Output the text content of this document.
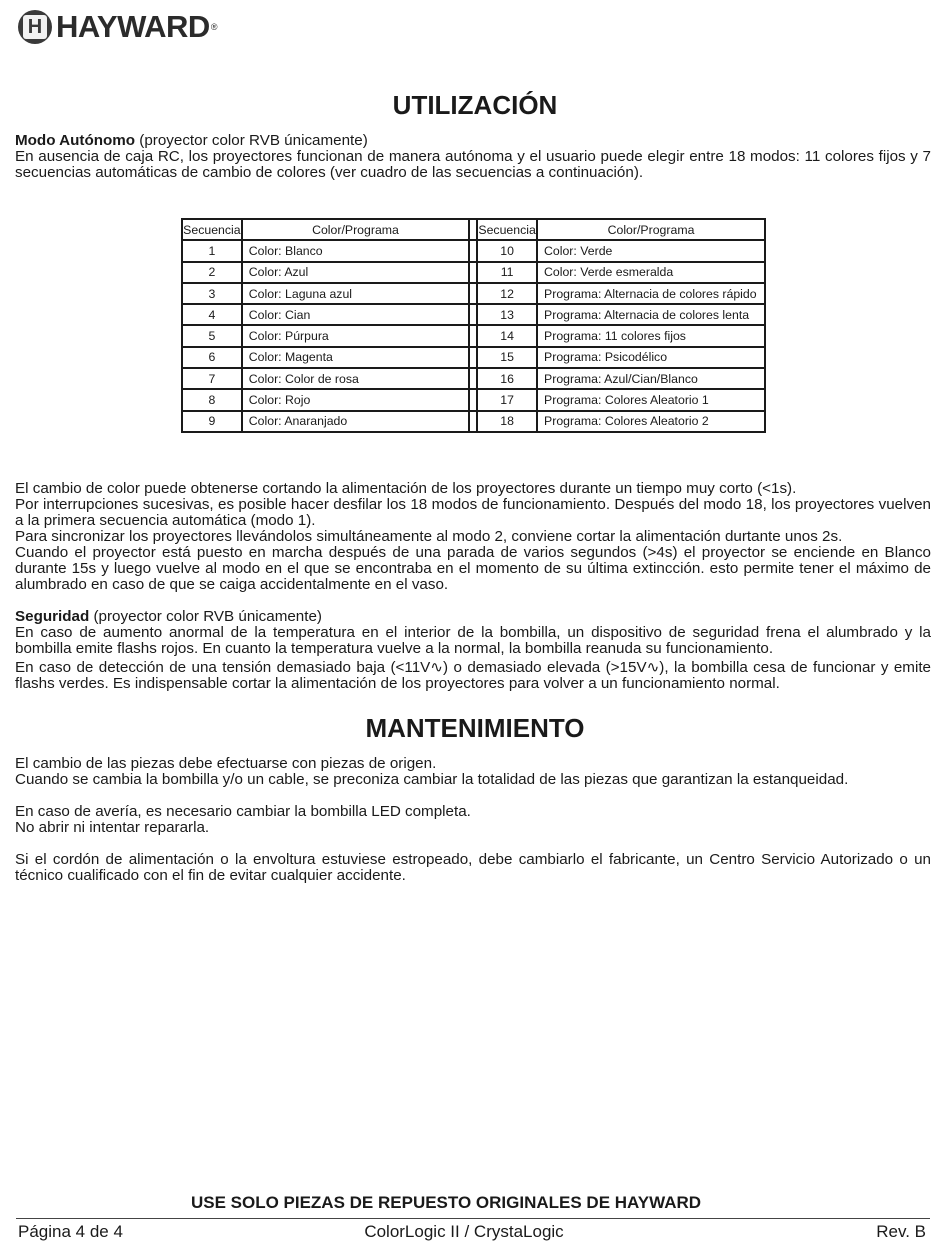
H HAYWARD ®
UTILIZACIÓN

Modo Autónomo (proyector color RVB únicamente)

En ausencia de caja RC, los proyectores funcionan de manera autónoma y el usuario puede elegir entre 18 modos: 11 colores fijos y 7 secuencias automáticas de cambio de colores (ver cuadro de las secuencias a continuación).

Secuencia	Color/Programa		Secuencia	Color/Programa
1	Color: Blanco		10	Color: Verde
2	Color: Azul		11	Color: Verde esmeralda
3	Color: Laguna azul		12	Programa: Alternacia de colores rápido
4	Color: Cian		13	Programa: Alternacia de colores lenta
5	Color: Púrpura		14	Programa: 11 colores fijos
6	Color: Magenta		15	Programa: Psicodélico
7	Color: Color de rosa		16	Programa: Azul/Cian/Blanco
8	Color: Rojo		17	Programa: Colores Aleatorio 1
9	Color: Anaranjado		18	Programa: Colores Aleatorio 2

El cambio de color puede obtenerse cortando la alimentación de los proyectores durante un tiempo muy corto (<1s).

Por interrupciones sucesivas, es posible hacer desfilar los 18 modos de funcionamiento. Después del modo 18, los proyectores vuelven a la primera secuencia automática (modo 1).

Para sincronizar los proyectores llevándolos simultáneamente al modo 2, conviene cortar la alimentación durtante unos 2s.

Cuando el proyector está puesto en marcha después de una parada de varios segundos (>4s) el proyector se enciende en Blanco durante 15s y luego vuelve al modo en el que se encontraba en el momento de su última extincción. esto permite tener el máximo de alumbrado en caso de que se caiga accidentalmente en el vaso.

Seguridad (proyector color RVB únicamente)

En caso de aumento anormal de la temperatura en el interior de la bombilla, un dispositivo de seguridad frena el alumbrado y la bombilla emite flashs rojos. En cuanto la temperatura vuelve a la normal, la bombilla reanuda su funcionamiento.

En caso de detección de una tensión demasiado baja (<11V∿) o demasiado elevada (>15V∿), la bombilla cesa de funcionar y emite flashs verdes. Es indispensable cortar la alimentación de los proyectores para volver a un funcionamiento normal.

MANTENIMIENTO

El cambio de las piezas debe efectuarse con piezas de origen.

Cuando se cambia la bombilla y/o un cable, se preconiza cambiar la totalidad de las piezas que garantizan la estanqueidad.

En caso de avería, es necesario cambiar la bombilla LED completa.

No abrir ni intentar repararla.

Si el cordón de alimentación o la envoltura estuviese estropeado, debe cambiarlo el fabricante, un Centro Servicio Autorizado o un técnico cualificado con el fin de evitar cualquier accidente.

USE SOLO PIEZAS DE REPUESTO ORIGINALES DE HAYWARD
Página 4 de 4	ColorLogic II / CrystaLogic	Rev. B
